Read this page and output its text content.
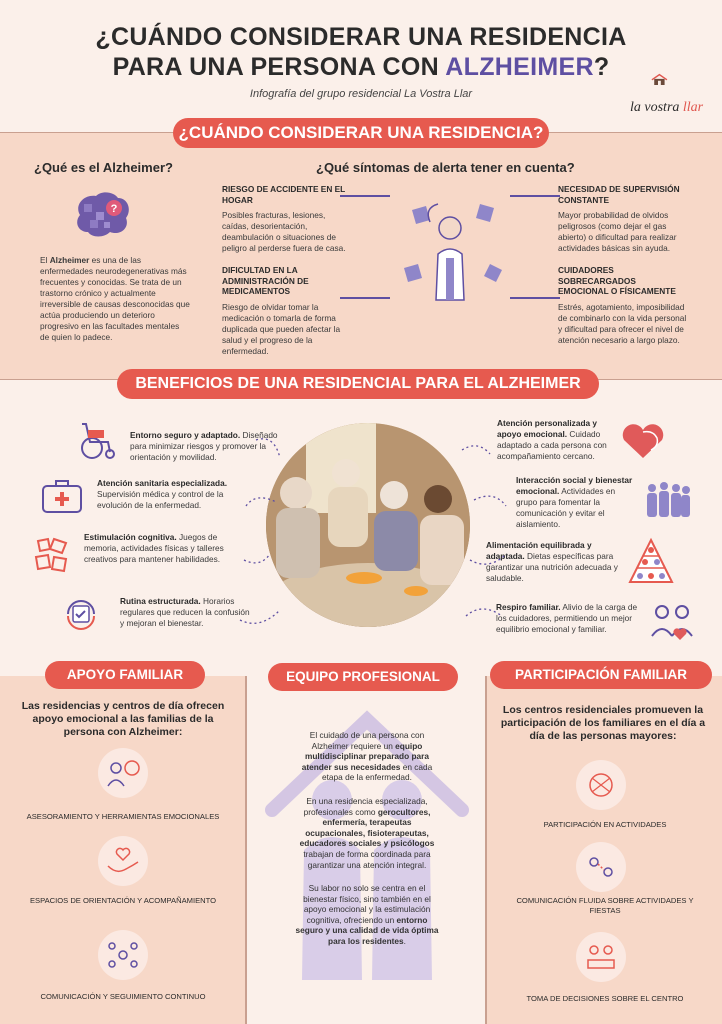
¿CUÁNDO CONSIDERAR UNA RESIDENCIA
PARA UNA PERSONA CON ALZHEIMER?
Infografía del grupo residencial La Vostra Llar
la vostra llar
¿CUÁNDO CONSIDERAR UNA RESIDENCIA?
¿Qué es el Alzheimer?
?
El Alzheimer es una de las enfermedades neurodegenerativas más frecuentes y conocidas. Se trata de un trastorno crónico y actualmente irreversible de causas desconocidas que actúa produciendo un deterioro progresivo en las facultades mentales de quien lo padece.
¿Qué síntomas de alerta tener en cuenta?
RIESGO DE ACCIDENTE EN EL HOGAR
Posibles fracturas, lesiones, caídas, desorientación, deambulación o situaciones de peligro al perderse fuera de casa.
DIFICULTAD EN LA ADMINISTRACIÓN DE MEDICAMENTOS
Riesgo de olvidar tomar la medicación o tomarla de forma duplicada que pueden afectar la salud y el progreso de la enfermedad.
NECESIDAD DE SUPERVISIÓN CONSTANTE
Mayor probabilidad de olvidos peligrosos (como dejar el gas abierto) o dificultad para realizar actividades básicas sin ayuda.
CUIDADORES SOBRECARGADOS EMOCIONAL O FÍSICAMENTE
Estrés, agotamiento, imposibilidad de combinarlo con la vida personal y dificultad para ofrecer el nivel de atención necesario a largo plazo.
BENEFICIOS DE UNA RESIDENCIAL PARA EL ALZHEIMER
Entorno seguro y adaptado. Diseñado para minimizar riesgos y promover la orientación y movilidad.
Atención sanitaria especializada. Supervisión médica y control de la evolución de la enfermedad.
Estimulación cognitiva. Juegos de memoria, actividades físicas y talleres creativos para mantener habilidades.
Rutina estructurada. Horarios regulares que reducen la confusión y mejoran el bienestar.
Atención personalizada y apoyo emocional. Cuidado adaptado a cada persona con acompañamiento cercano.
Interacción social y bienestar emocional. Actividades en grupo para fomentar la comunicación y evitar el aislamiento.
Alimentación equilibrada y adaptada. Dietas específicas para garantizar una nutrición adecuada y saludable.
Respiro familiar. Alivio de la carga de los cuidadores, permitiendo un mejor equilibrio emocional y familiar.
APOYO FAMILIAR	EQUIPO PROFESIONAL	PARTICIPACIÓN FAMILIAR
Las residencias y centros de día ofrecen apoyo emocional a las familias de la persona con Alzheimer:
ASESORAMIENTO Y HERRAMIENTAS EMOCIONALES
ESPACIOS DE ORIENTACIÓN Y ACOMPAÑAMIENTO
COMUNICACIÓN Y SEGUIMIENTO CONTINUO
El cuidado de una persona con Alzheimer requiere un equipo multidisciplinar preparado para atender sus necesidades en cada etapa de la enfermedad.
En una residencia especializada, profesionales como gerocultores, enfermería, terapeutas ocupacionales, fisioterapeutas, educadores sociales y psicólogos trabajan de forma coordinada para garantizar una atención integral.
Su labor no solo se centra en el bienestar físico, sino también en el apoyo emocional y la estimulación cognitiva, ofreciendo un entorno seguro y una calidad de vida óptima para los residentes.
Los centros residenciales promueven la participación de los familiares en el día a día de las personas mayores:
PARTICIPACIÓN EN ACTIVIDADES
COMUNICACIÓN FLUIDA SOBRE ACTIVIDADES Y FIESTAS
TOMA DE DECISIONES SOBRE EL CENTRO
